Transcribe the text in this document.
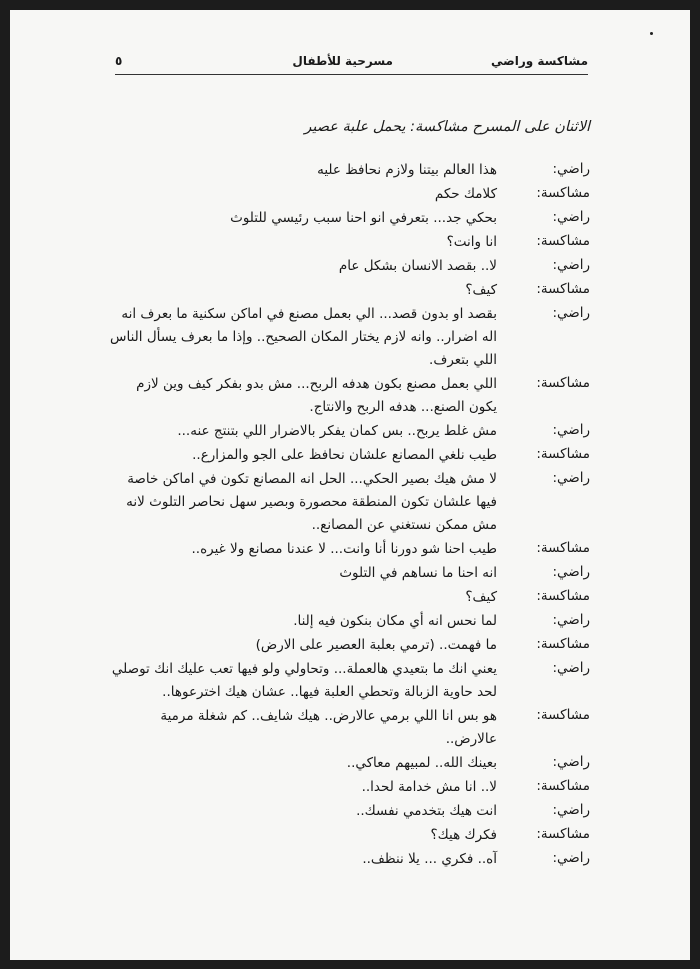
مشاكسة وراضي
مسرحية للأطفال
٥
الاثنان على المسرح مشاكسة: يحمل علبة عصير
راضي:
هذا العالم بيتنا ولازم نحافظ عليه
مشاكسة:
كلامك حكم
راضي:
بحكي جد... بتعرفي انو احنا سبب رئيسي للتلوث
مشاكسة:
انا وانت؟
راضي:
لا.. بقصد الانسان بشكل عام
مشاكسة:
كيف؟
راضي:
بقصد او بدون قصد... الي بعمل مصنع في اماكن سكنية ما بعرف انه اله اضرار.. وانه لازم يختار المكان الصحيح.. وإذا ما بعرف يسأل الناس اللي بتعرف.
مشاكسة:
اللي بعمل مصنع بكون هدفه الربح... مش بدو بفكر كيف وين لازم يكون الصنع... هدفه الربح والانتاج.
راضي:
مش غلط يربح.. بس كمان يفكر بالاضرار اللي بتنتج عنه...
مشاكسة:
طيب نلغي المصانع علشان نحافظ على الجو والمزارع..
راضي:
لا مش هيك بصير الحكي... الحل انه المصانع تكون في اماكن خاصة فيها علشان تكون المنطقة محصورة وبصير سهل نحاصر التلوث لانه مش ممكن نستغني عن المصانع..
مشاكسة:
طيب احنا شو دورنا أنا وانت... لا عندنا مصانع ولا غيره..
راضي:
انه احنا ما نساهم في التلوث
مشاكسة:
كيف؟
راضي:
لما نحس انه أي مكان بنكون فيه إلنا.
مشاكسة:
ما فهمت.. (ترمي بعلبة العصير على الارض)
راضي:
يعني انك ما بتعيدي هالعملة... وتحاولي ولو فيها تعب عليك انك توصلي لحد حاوية الزبالة وتحطي العلبة فيها.. عشان هيك اخترعوها..
مشاكسة:
هو بس انا اللي برمي عالارض.. هيك شايف.. كم شغلة مرمية عالارض..
راضي:
بعينك الله.. لمبيهم معاكي..
مشاكسة:
لا.. انا مش خدامة لحدا..
راضي:
انت هيك بتخدمي نفسك..
مشاكسة:
فكرك هيك؟
راضي:
آه.. فكري ... يلا ننظف..
